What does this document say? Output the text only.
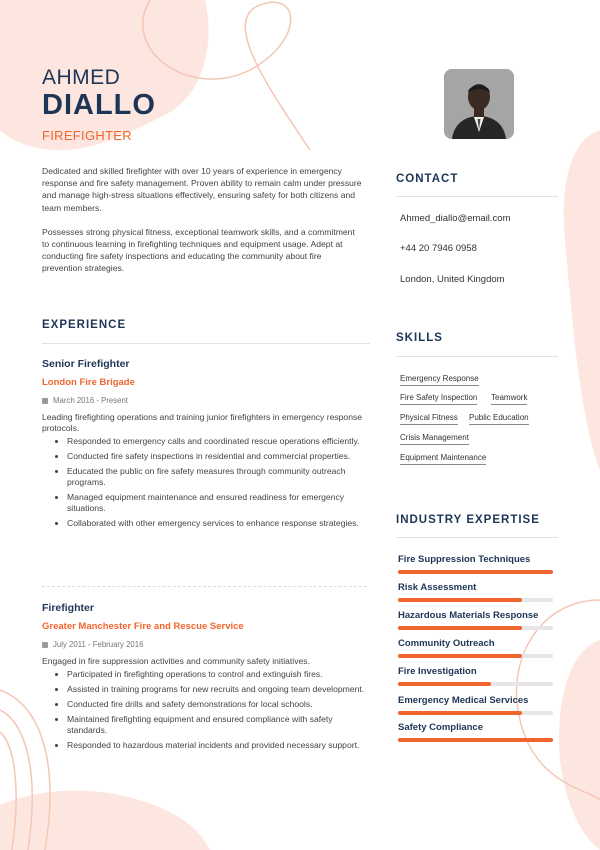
AHMED
DIALLO
FIREFIGHTER

Dedicated and skilled firefighter with over 10 years of experience in emergency response and fire safety management. Proven ability to remain calm under pressure and manage high-stress situations effectively, ensuring safety for both citizens and team members.

Possesses strong physical fitness, exceptional teamwork skills, and a commitment to continuous learning in firefighting techniques and equipment usage. Adept at conducting fire safety inspections and educating the community about fire prevention strategies.

EXPERIENCE
Senior Firefighter
London Fire Brigade
March 2016 - Present
Leading firefighting operations and training junior firefighters in emergency response protocols.
• Responded to emergency calls and coordinated rescue operations efficiently.
• Conducted fire safety inspections in residential and commercial properties.
• Educated the public on fire safety measures through community outreach programs.
• Managed equipment maintenance and ensured readiness for emergency situations.
• Collaborated with other emergency services to enhance response strategies.
Firefighter
Greater Manchester Fire and Rescue Service
July 2011 - February 2016
Engaged in fire suppression activities and community safety initiatives.
• Participated in firefighting operations to control and extinguish fires.
• Assisted in training programs for new recruits and ongoing team development.
• Conducted fire drills and safety demonstrations for local schools.
• Maintained firefighting equipment and ensured compliance with safety standards.
• Responded to hazardous material incidents and provided necessary support.
CONTACT
Ahmed_diallo@email.com
+44 20 7946 0958
London, United Kingdom
SKILLS
Emergency Response
Fire Safety Inspection Teamwork
Physical Fitness Public Education
Crisis Management
Equipment Maintenance
INDUSTRY EXPERTISE
Fire Suppression Techniques
Risk Assessment
Hazardous Materials Response
Community Outreach
Fire Investigation
Emergency Medical Services
Safety Compliance
